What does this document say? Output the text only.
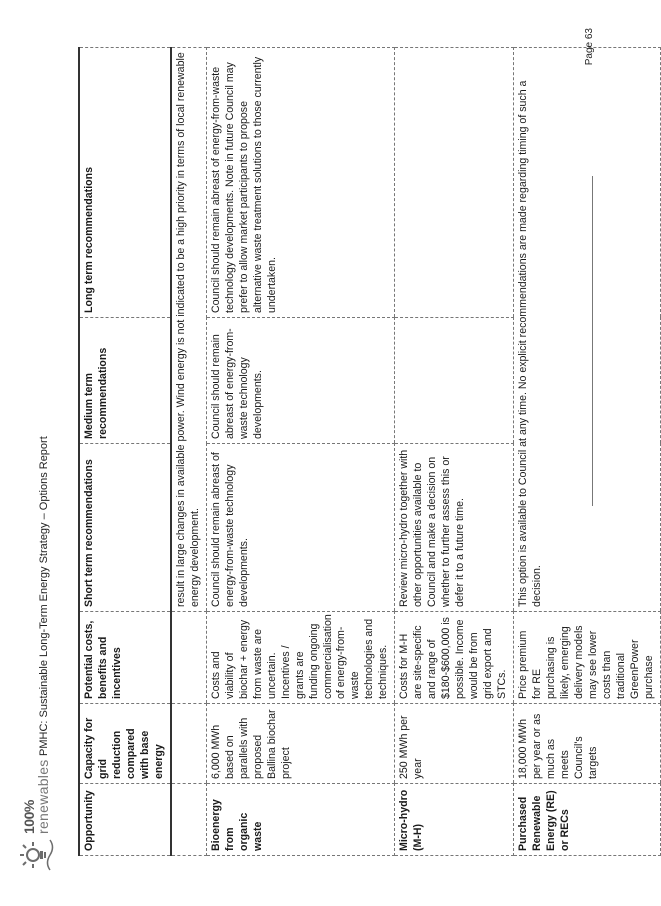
100%
renewables
PMHC: Sustainable Long-Term Energy Strategy – Options Report
Opportunity	Capacity for grid reduction compared with base energy	Potential costs, benefits and incentives	Short term recommendations	Medium term recommendations	Long term recommendations
			result in large changes in available power. Wind energy is not indicated to be a high priority in terms of local renewable energy development.		
Bioenergy from organic waste	6,000 MWh based on parallels with proposed Ballina biochar project	Costs and viability of biochar + energy from waste are uncertain. Incentives / grants are funding ongoing commercialisation of energy-from-waste technologies and techniques.	Council should remain abreast of energy-from-waste technology developments.	Council should remain abreast of energy-from-waste technology developments.	Council should remain abreast of energy-from-waste technology developments. Note in future Council may prefer to allow market participants to propose alternative waste treatment solutions to those currently undertaken.
Micro-hydro (M-H)	250 MWh per year	Costs for M-H are site-specific and range of $180-$600,000 is possible. Income would be from grid export and STCs.	Review micro-hydro together with other opportunities available to Council and make a decision on whether to further assess this or defer it to a future time.		
Purchased Renewable Energy (RE) or RECs	18,000 MWh per year or as much as meets Council's targets	Price premium for RE purchasing is likely, emerging delivery models may see lower costs than traditional GreenPower purchase	This option is available to Council at any time. No explicit recommendations are made regarding timing of such a decision.		
Page 63
